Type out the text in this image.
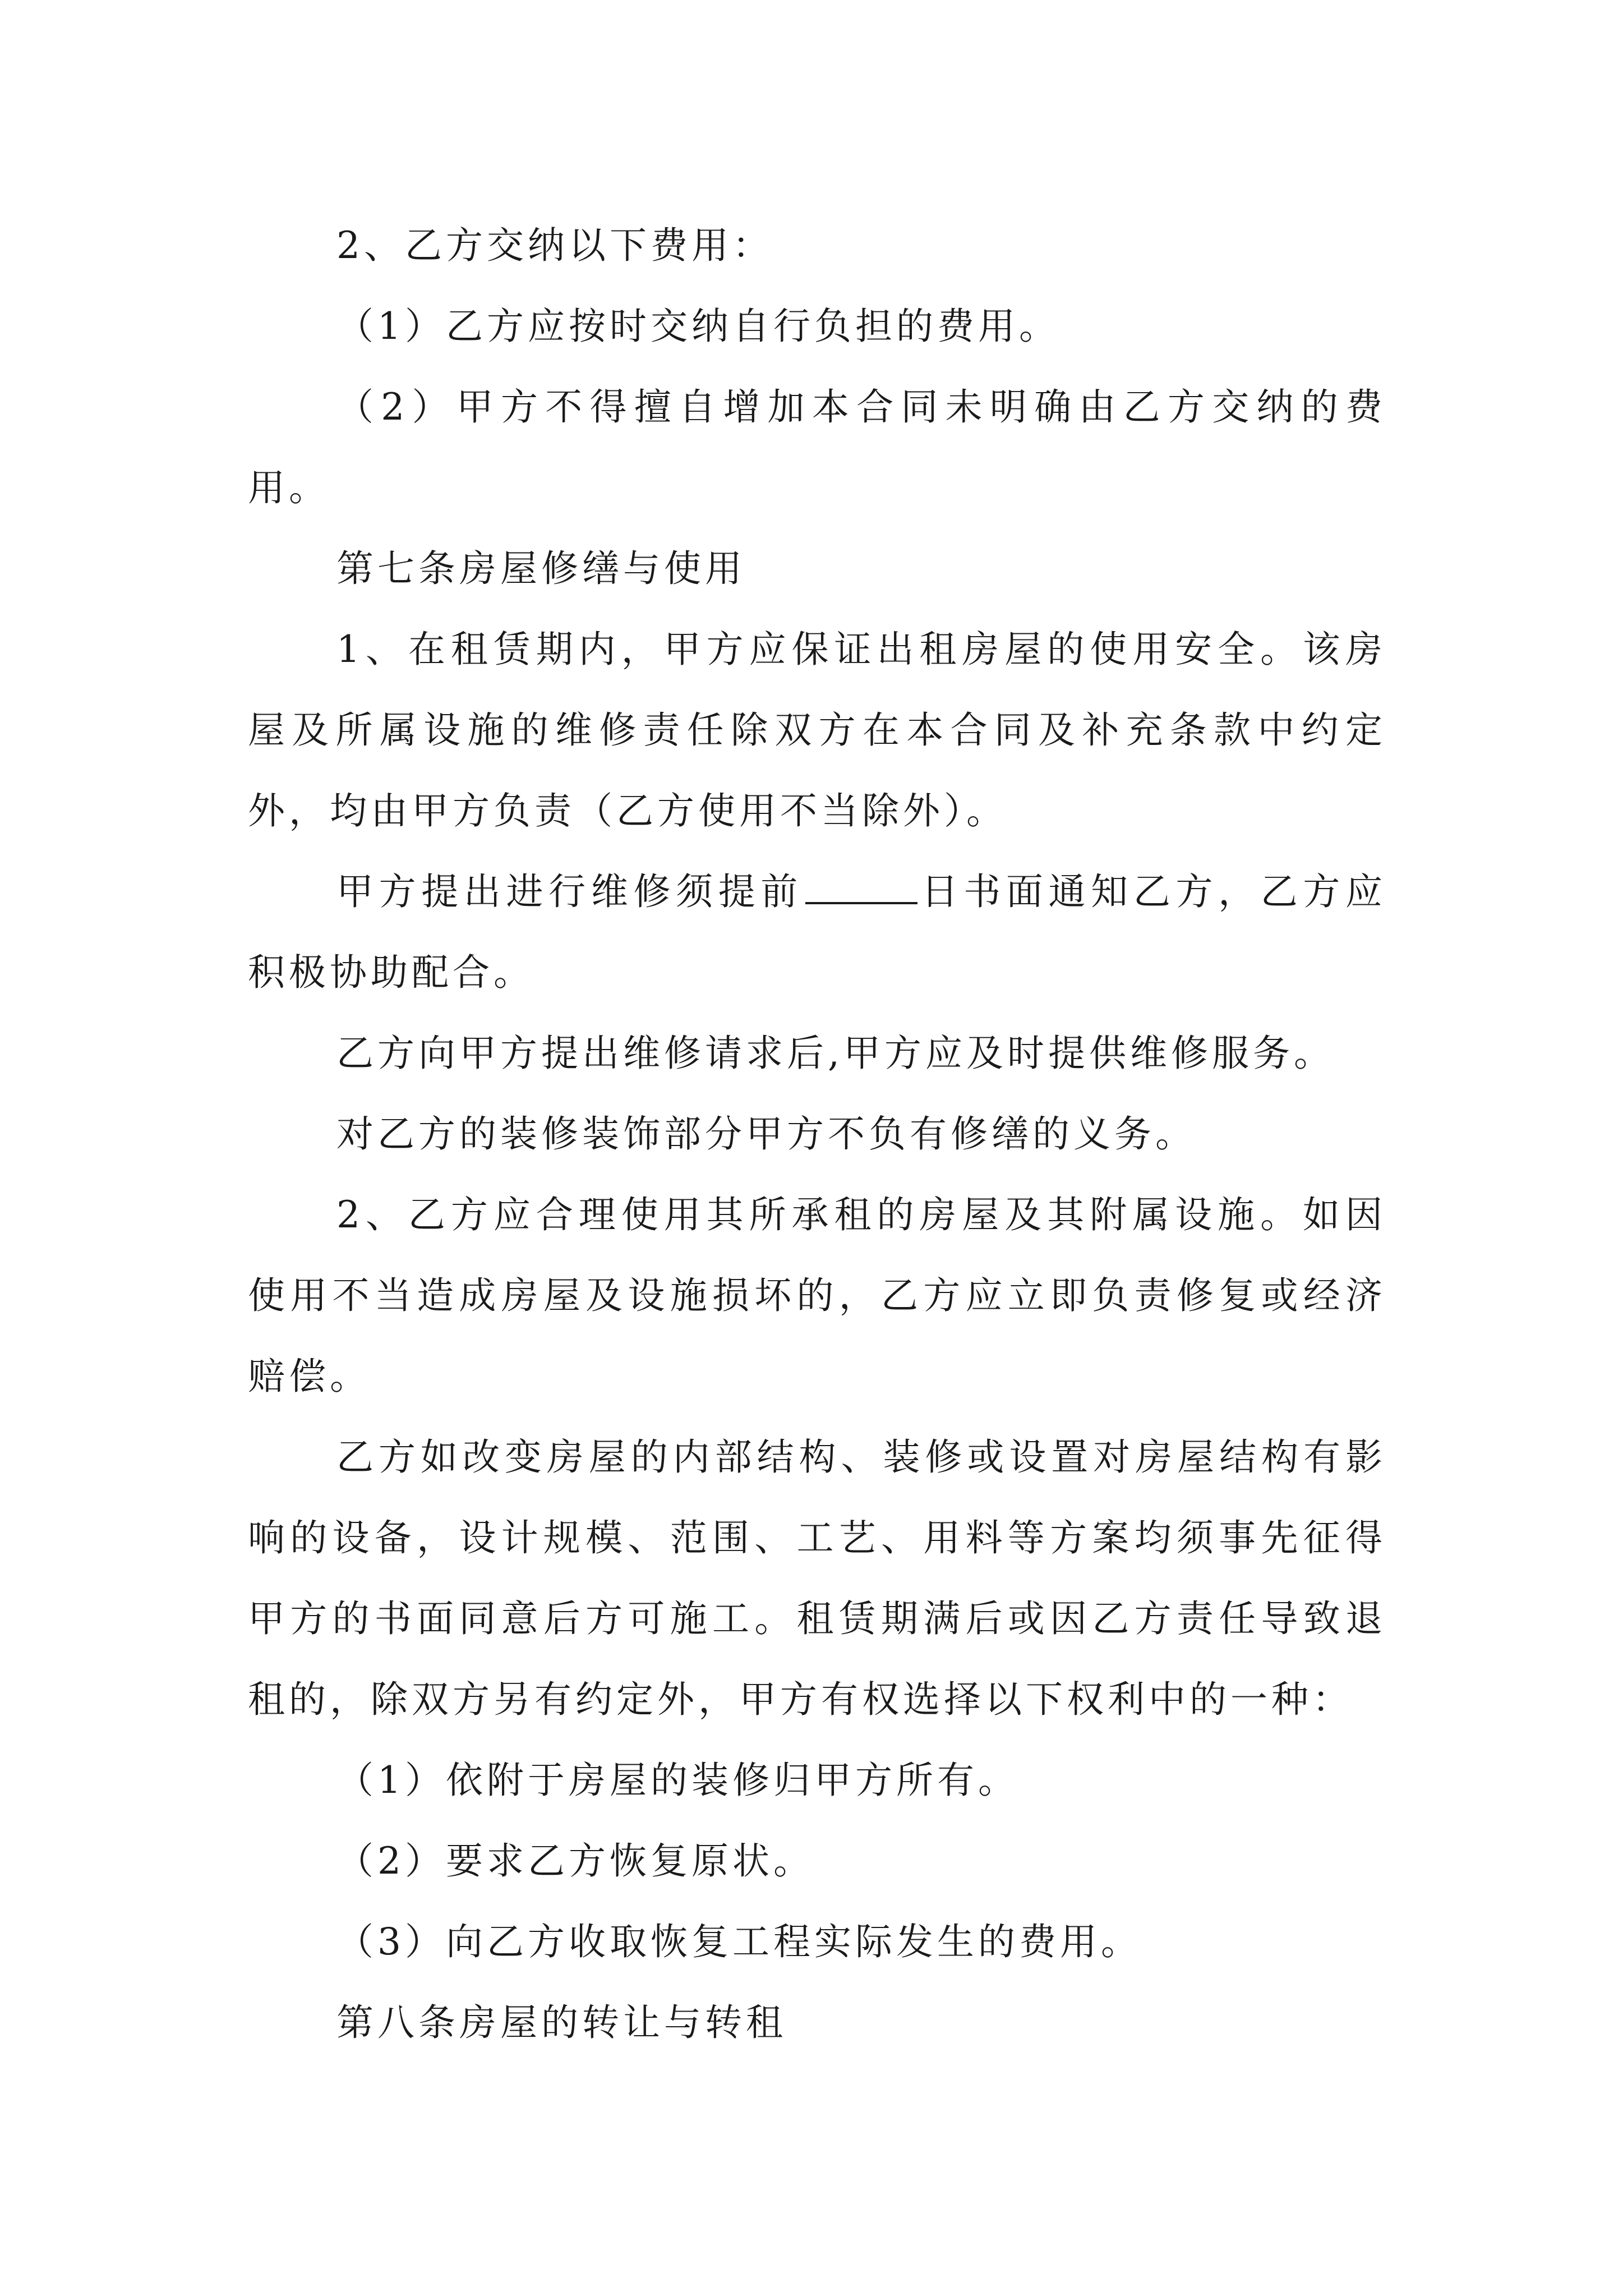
2、乙方交纳以下费用：

（1）乙方应按时交纳自行负担的费用。

（2）甲方不得擅自增加本合同未明确由乙方交纳的费用。

第七条房屋修缮与使用

1、在租赁期内，甲方应保证出租房屋的使用安全。该房屋及所属设施的维修责任除双方在本合同及补充条款中约定外，均由甲方负责（乙方使用不当除外）。

甲方提出进行维修须提前	日书面通知乙方，乙方应积极协助配合。

乙方向甲方提出维修请求后,甲方应及时提供维修服务。

对乙方的装修装饰部分甲方不负有修缮的义务。

2、乙方应合理使用其所承租的房屋及其附属设施。如因使用不当造成房屋及设施损坏的，乙方应立即负责修复或经济赔偿。

乙方如改变房屋的内部结构、装修或设置对房屋结构有影响的设备，设计规模、范围、工艺、用料等方案均须事先征得甲方的书面同意后方可施工。租赁期满后或因乙方责任导致退租的，除双方另有约定外，甲方有权选择以下权利中的一种：

（1）依附于房屋的装修归甲方所有。

（2）要求乙方恢复原状。

（3）向乙方收取恢复工程实际发生的费用。

第八条房屋的转让与转租
